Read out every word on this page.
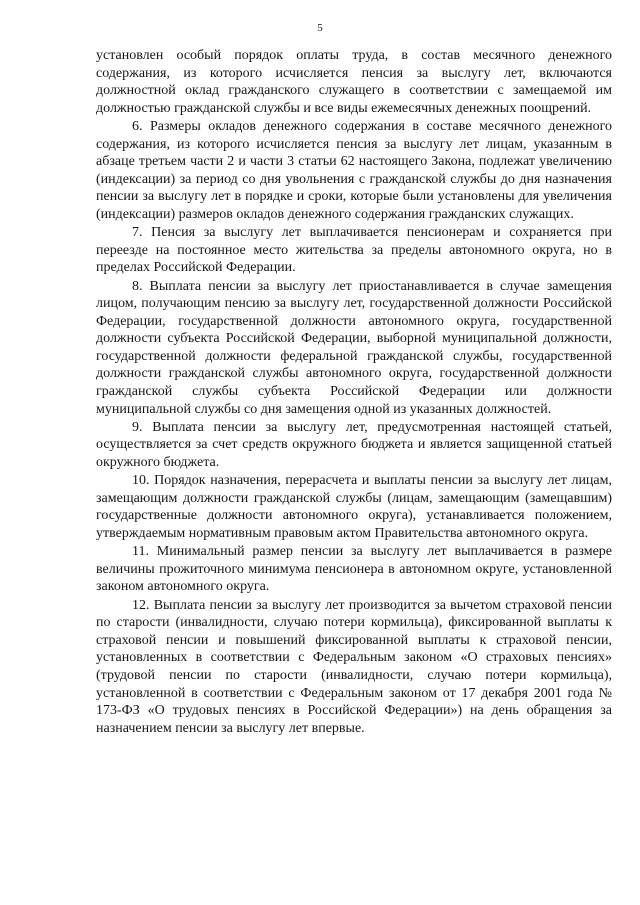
5

установлен особый порядок оплаты труда, в состав месячного денежного содержания, из которого исчисляется пенсия за выслугу лет, включаются должностной оклад гражданского служащего в соответствии с замещаемой им должностью гражданской службы и все виды ежемесячных денежных поощрений.

6. Размеры окладов денежного содержания в составе месячного денежного содержания, из которого исчисляется пенсия за выслугу лет лицам, указанным в абзаце третьем части 2 и части 3 статьи 62 настоящего Закона, подлежат увеличению (индексации) за период со дня увольнения с гражданской службы до дня назначения пенсии за выслугу лет в порядке и сроки, которые были установлены для увеличения (индексации) размеров окладов денежного содержания гражданских служащих.

7. Пенсия за выслугу лет выплачивается пенсионерам и сохраняется при переезде на постоянное место жительства за пределы автономного округа, но в пределах Российской Федерации.

8. Выплата пенсии за выслугу лет приостанавливается в случае замещения лицом, получающим пенсию за выслугу лет, государственной должности Российской Федерации, государственной должности автономного округа, государственной должности субъекта Российской Федерации, выборной муниципальной должности, государственной должности федеральной гражданской службы, государственной должности гражданской службы автономного округа, государственной должности гражданской службы субъекта Российской Федерации или должности муниципальной службы со дня замещения одной из указанных должностей.

9. Выплата пенсии за выслугу лет, предусмотренная настоящей статьей, осуществляется за счет средств окружного бюджета и является защищенной статьей окружного бюджета.

10. Порядок назначения, перерасчета и выплаты пенсии за выслугу лет лицам, замещающим должности гражданской службы (лицам, замещающим (замещавшим) государственные должности автономного округа), устанавливается положением, утверждаемым нормативным правовым актом Правительства автономного округа.

11. Минимальный размер пенсии за выслугу лет выплачивается в размере величины прожиточного минимума пенсионера в автономном округе, установленной законом автономного округа.

12. Выплата пенсии за выслугу лет производится за вычетом страховой пенсии по старости (инвалидности, случаю потери кормильца), фиксированной выплаты к страховой пенсии и повышений фиксированной выплаты к страховой пенсии, установленных в соответствии с Федеральным законом «О страховых пенсиях» (трудовой пенсии по старости (инвалидности, случаю потери кормильца), установленной в соответствии с Федеральным законом от 17 декабря 2001 года № 173-ФЗ «О трудовых пенсиях в Российской Федерации») на день обращения за назначением пенсии за выслугу лет впервые.
